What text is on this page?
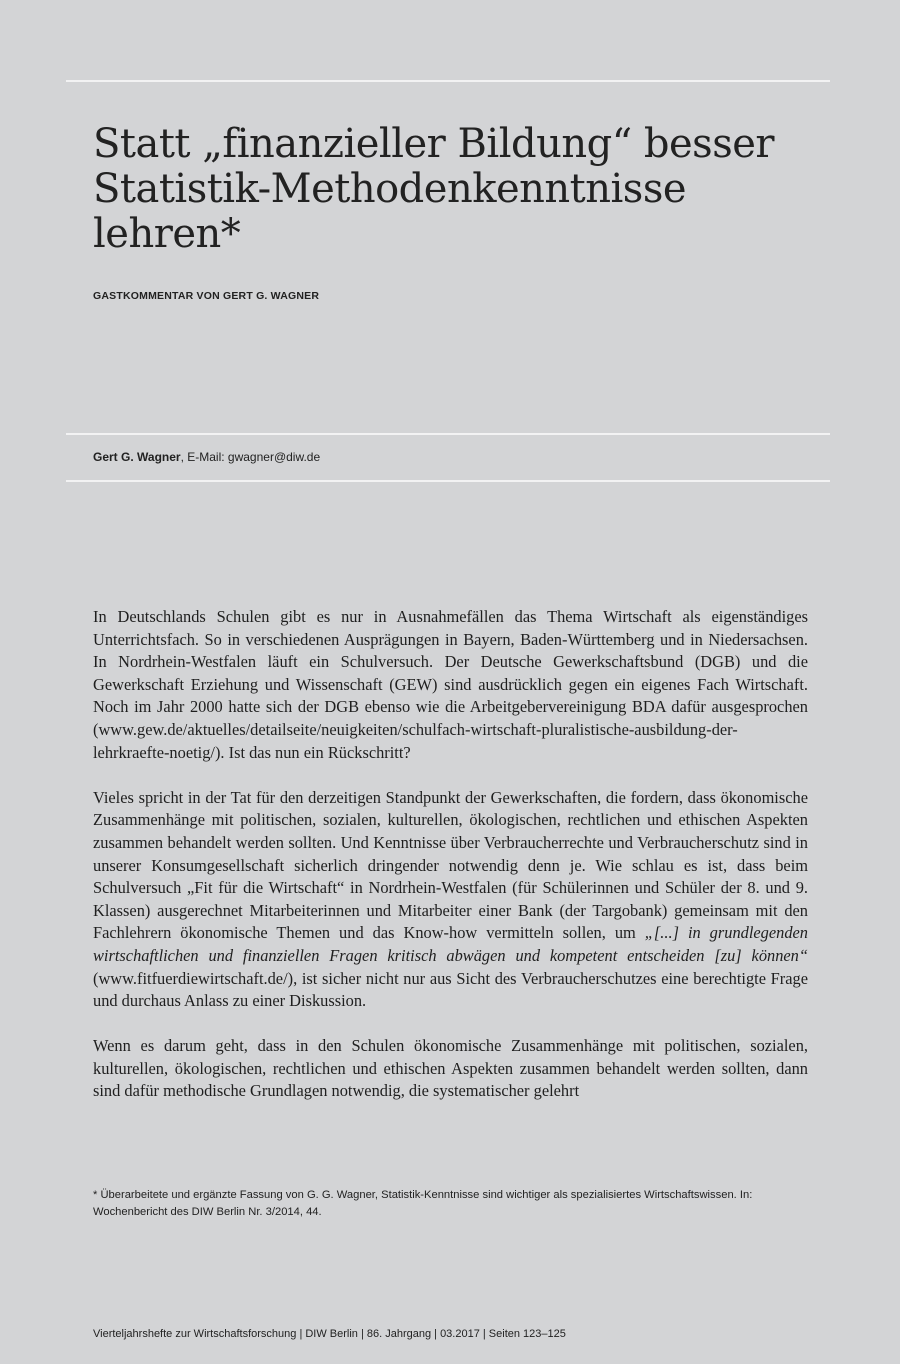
Statt „finanzieller Bildung“ besser Statistik-Methodenkenntnisse lehren*
GASTKOMMENTAR VON GERT G. WAGNER
Gert G. Wagner, E-Mail: gwagner@diw.de

In Deutschlands Schulen gibt es nur in Ausnahmefällen das Thema Wirtschaft als eigenständiges Unterrichtsfach. So in verschiedenen Ausprägungen in Bayern, Baden-Württemberg und in Niedersachsen. In Nordrhein-Westfalen läuft ein Schulversuch. Der Deutsche Gewerkschaftsbund (DGB) und die Gewerkschaft Erziehung und Wissenschaft (GEW) sind ausdrücklich gegen ein eigenes Fach Wirtschaft. Noch im Jahr 2000 hatte sich der DGB ebenso wie die Arbeitgebervereinigung BDA dafür ausgesprochen (www.gew.de/aktuelles/detailseite/neuigkeiten/schulfach-wirtschaft-pluralistische-ausbildung-der-lehrkraefte-noetig/). Ist das nun ein Rückschritt?

Vieles spricht in der Tat für den derzeitigen Standpunkt der Gewerkschaften, die fordern, dass ökonomische Zusammenhänge mit politischen, sozialen, kulturellen, ökologischen, rechtlichen und ethischen Aspekten zusammen behandelt werden sollten. Und Kenntnisse über Verbraucherrechte und Verbraucherschutz sind in unserer Konsumgesellschaft sicherlich dringender notwendig denn je. Wie schlau es ist, dass beim Schulversuch „Fit für die Wirtschaft“ in Nordrhein-Westfalen (für Schülerinnen und Schüler der 8. und 9. Klassen) ausgerechnet Mitarbeiterinnen und Mitarbeiter einer Bank (der Targobank) gemeinsam mit den Fachlehrern ökonomische Themen und das Know-how vermitteln sollen, um „[...] in grundlegenden wirtschaftlichen und finanziellen Fragen kritisch abwägen und kompetent entscheiden [zu] können“ (www.fitfuerdiewirtschaft.de/), ist sicher nicht nur aus Sicht des Verbraucherschutzes eine berechtigte Frage und durchaus Anlass zu einer Diskussion.

Wenn es darum geht, dass in den Schulen ökonomische Zusammenhänge mit politischen, sozialen, kulturellen, ökologischen, rechtlichen und ethischen Aspekten zusammen behandelt werden sollten, dann sind dafür methodische Grundlagen notwendig, die systematischer gelehrt

* Überarbeitete und ergänzte Fassung von G. G. Wagner, Statistik-Kenntnisse sind wichtiger als spezialisiertes Wirtschaftswissen. In: Wochenbericht des DIW Berlin Nr. 3/2014, 44.
Vierteljahrshefte zur Wirtschaftsforschung | DIW Berlin | 86. Jahrgang | 03.2017 | Seiten 123–125
